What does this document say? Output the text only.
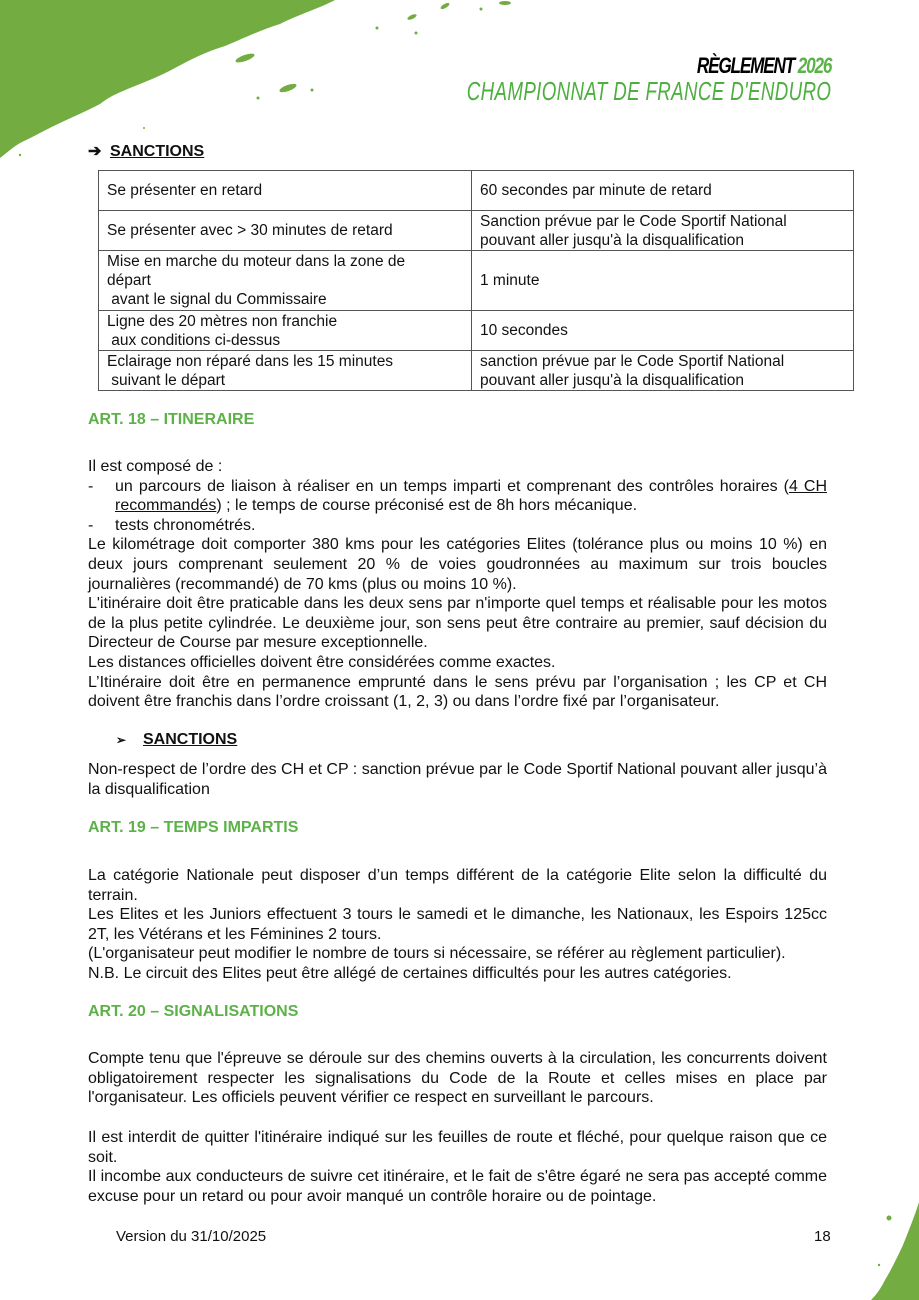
RÈGLEMENT 2026
CHAMPIONNAT DE FRANCE D'ENDURO
➔ SANCTIONS
Se présenter en retard	60 secondes par minute de retard
Se présenter avec > 30 minutes de retard	Sanction prévue par le Code Sportif National
pouvant aller jusqu'à la disqualification
Mise en marche du moteur dans la zone de
départ
avant le signal du Commissaire	1 minute
Ligne des 20 mètres non franchie
aux conditions ci-dessus	10 secondes
Eclairage non réparé dans les 15 minutes
suivant le départ	sanction prévue par le Code Sportif National
pouvant aller jusqu'à la disqualification
ART. 18 – ITINERAIRE
Il est composé de :
-	un parcours de liaison à réaliser en un temps imparti et comprenant des contrôles horaires (4 CH recommandés) ; le temps de course préconisé est de 8h hors mécanique.
-	tests chronométrés.
Le kilométrage doit comporter 380 kms pour les catégories Elites (tolérance plus ou moins 10 %) en deux jours comprenant seulement 20 % de voies goudronnées au maximum sur trois boucles journalières (recommandé) de 70 kms (plus ou moins 10 %).
L'itinéraire doit être praticable dans les deux sens par n'importe quel temps et réalisable pour les motos de la plus petite cylindrée. Le deuxième jour, son sens peut être contraire au premier, sauf décision du Directeur de Course par mesure exceptionnelle.
Les distances officielles doivent être considérées comme exactes.
L’Itinéraire doit être en permanence emprunté dans le sens prévu par l’organisation ; les CP et CH doivent être franchis dans l’ordre croissant (1, 2, 3) ou dans l’ordre fixé par l’organisateur.
➢ SANCTIONS
Non-respect de l’ordre des CH et CP : sanction prévue par le Code Sportif National pouvant aller jusqu’à la disqualification
ART. 19 – TEMPS IMPARTIS
La catégorie Nationale peut disposer d’un temps différent de la catégorie Elite selon la difficulté du terrain.
Les Elites et les Juniors effectuent 3 tours le samedi et le dimanche, les Nationaux, les Espoirs 125cc 2T, les Vétérans et les Féminines 2 tours.
(L'organisateur peut modifier le nombre de tours si nécessaire, se référer au règlement particulier).
N.B. Le circuit des Elites peut être allégé de certaines difficultés pour les autres catégories.
ART. 20 – SIGNALISATIONS
Compte tenu que l'épreuve se déroule sur des chemins ouverts à la circulation, les concurrents doivent obligatoirement respecter les signalisations du Code de la Route et celles mises en place par l'organisateur. Les officiels peuvent vérifier ce respect en surveillant le parcours.
Il est interdit de quitter l'itinéraire indiqué sur les feuilles de route et fléché, pour quelque raison que ce soit.
Il incombe aux conducteurs de suivre cet itinéraire, et le fait de s'être égaré ne sera pas accepté comme excuse pour un retard ou pour avoir manqué un contrôle horaire ou de pointage.
Version du 31/10/2025	18
